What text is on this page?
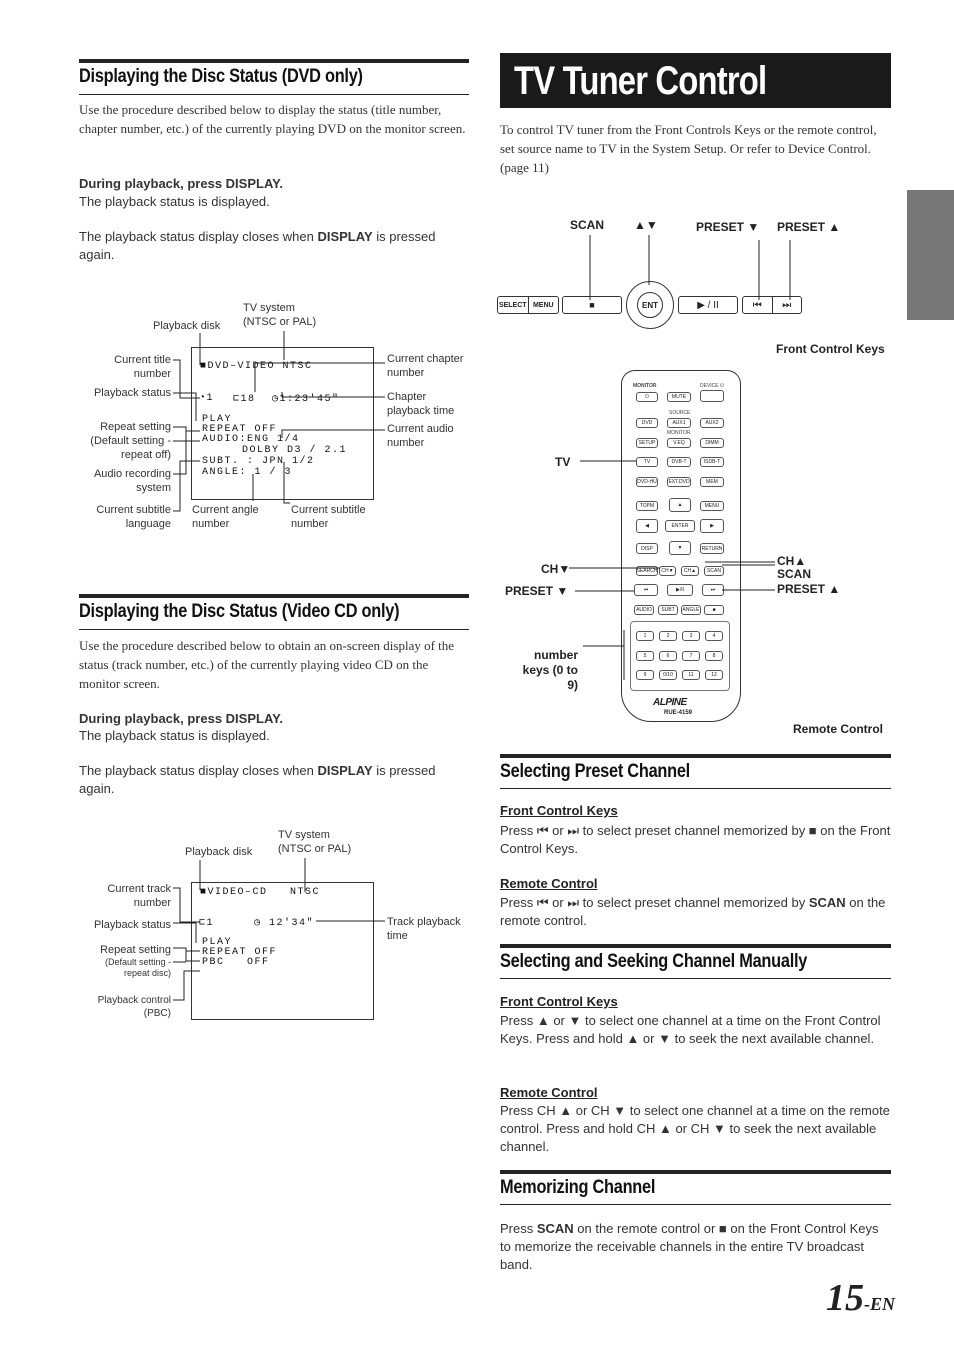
Displaying the Disc Status (DVD only)
Use the procedure described below to display the status (title number, chapter number, etc.) of the currently playing DVD on the monitor screen.
During playback, press DISPLAY.
The playback status is displayed.
The playback status display closes when DISPLAY is pressed again.
■DVD–VIDEO NTSC
◔1 ⊏18 ◷1:23'45"
PLAY
REPEAT OFF
AUDIO:ENG 1/4
DOLBY D3 / 2.1
SUBT. : JPN 1/2
ANGLE: 1 / 3
TV system (NTSC or PAL)
Playback disk
Current title number
Playback status
Repeat setting (Default setting - repeat off)
Audio recording system
Current subtitle language
Current angle number
Current subtitle number
Current chapter number
Chapter playback time
Current audio number
Displaying the Disc Status (Video CD only)
Use the procedure described below to obtain an on-screen display of the status (track number, etc.) of the currently playing video CD on the monitor screen.
During playback, press DISPLAY.
The playback status is displayed.
The playback status display closes when DISPLAY is pressed again.
■VIDEO–CD   NTSC
⊏1	◷ 12'34"
PLAY
REPEAT OFF
PBC   OFF
TV system (NTSC or PAL)
Playback disk
Current track number
Playback status
Repeat setting
(Default setting - repeat disc)
Playback control (PBC)
Track playback time
TV Tuner Control
To control TV tuner from the Front Controls Keys or the remote control, set source name to TV in the System Setup. Or refer to Device Control. (page 11)
SCAN ▲▼	PRESET ▼ PRESET ▲
SELECT MENU	■	ENT	▶ / II	⏮	⏭
Front Control Keys
MONITOR	DEVICE ⏻
⏻	MUTE
SOURCE
DVD	AUX1	AUX2
MONITOR
SETUP	V.EQ	DIMM
TV	DVB-T	ISDB-T
DVD-HU EXT.DVD	MEM
TOPM	▲	MENU
◀	ENTER	▶
DISP	▼	RETURN
SEARCH CH▼	CH▲	SCAN
⏮	▶/II	⏭
AUDIO	SUBT	ANGLE	■
1	2	3	4
5	6	7	8
9	0/10	11	12
ALPINE
RUE-4159
TV
CH▼
PRESET ▼
number keys (0 to 9)
CH▲
SCAN
PRESET ▲
Remote Control
Selecting Preset Channel
Front Control Keys
Press ⏮ or ⏭ to select preset channel memorized by ■ on the Front Control Keys.
Remote Control
Press ⏮ or ⏭ to select preset channel memorized by SCAN on the remote control.
Selecting and Seeking Channel Manually
Front Control Keys
Press ▲ or ▼ to select one channel at a time on the Front Control Keys. Press and hold ▲ or ▼ to seek the next available channel.
Remote Control
Press CH ▲ or CH ▼ to select one channel at a time on the remote control. Press and hold CH ▲ or CH ▼ to seek the next available channel.
Memorizing Channel
Press SCAN on the remote control or ■ on the Front Control Keys to memorize the receivable channels in the entire TV broadcast band.
15-EN
